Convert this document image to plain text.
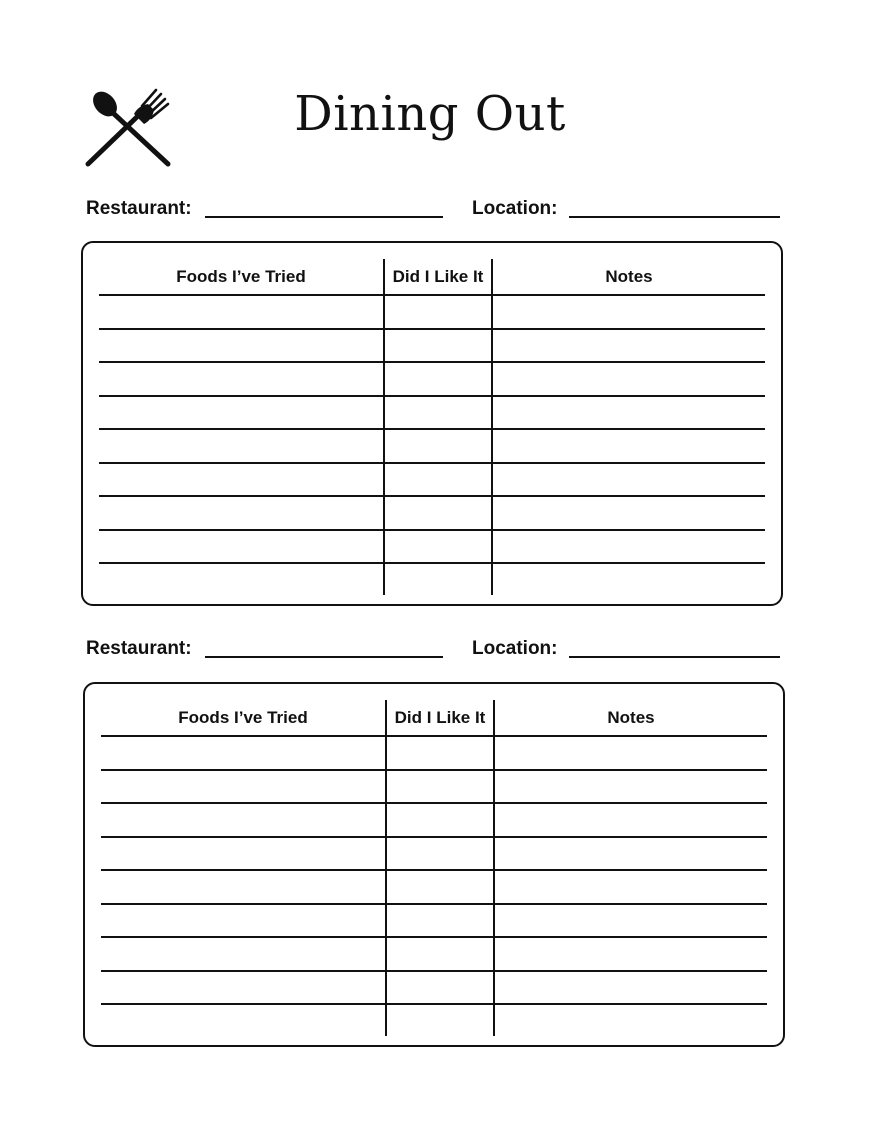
Dining Out
Restaurant:	Location:
Foods I’ve Tried	Did I Like It	Notes
Restaurant:	Location:
Foods I’ve Tried	Did I Like It	Notes
